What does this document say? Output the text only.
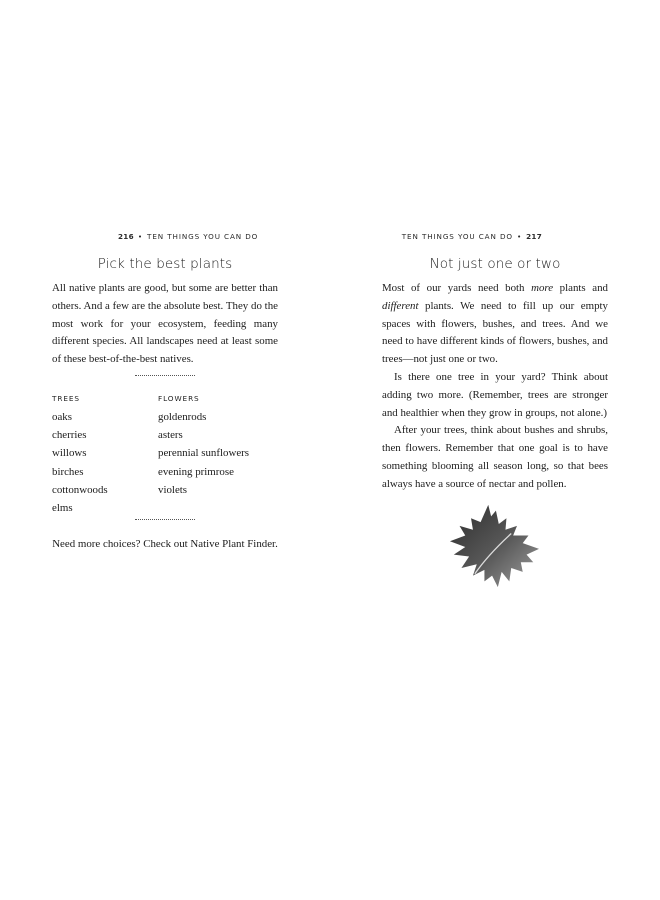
216 • TEN THINGS YOU CAN DO	TEN THINGS YOU CAN DO • 217
Pick the best plants

All native plants are good, but some are better than others. And a few are the absolute best. They do the most work for your ecosystem, feeding many different species. All landscapes need at least some of these best-of-the-best natives.

TREES
oaks
cherries
willows
birches
cottonwoods
elms
FLOWERS
goldenrods
asters
perennial sunflowers
evening primrose
violets
Need more choices? Check out Native Plant Finder.
Not just one or two

Most of our yards need both more plants and different plants. We need to fill up our empty spaces with flowers, bushes, and trees. And we need to have different kinds of flowers, bushes, and trees—not just one or two.

Is there one tree in your yard? Think about adding two more. (Remember, trees are stronger and healthier when they grow in groups, not alone.)

After your trees, think about bushes and shrubs, then flowers. Remember that one goal is to have something blooming all season long, so that bees always have a source of nectar and pollen.
